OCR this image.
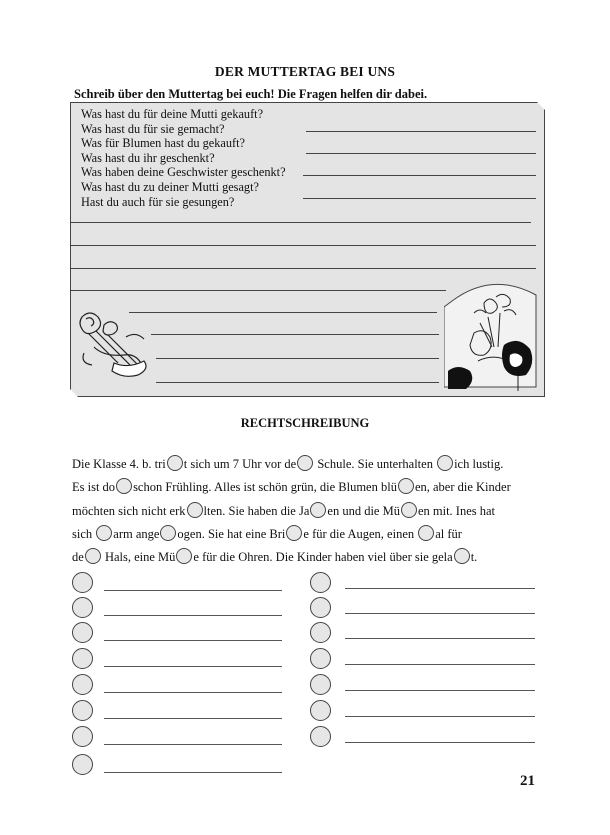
DER MUTTERTAG BEI UNS
Schreib über den Muttertag bei euch! Die Fragen helfen dir dabei.
Was hast du für deine Mutti gekauft?
Was hast du für sie gemacht?
Was für Blumen hast du gekauft?
Was hast du ihr geschenkt?
Was haben deine Geschwister geschenkt?
Was hast du zu deiner Mutti gesagt?
Hast du auch für sie gesungen?
RECHTSCHREIBUNG
Die Klasse 4. b. tri t sich um 7 Uhr vor de Schule. Sie unterhalten ich lustig.
Es ist do schon Frühling. Alles ist schön grün, die Blumen blü en, aber die Kinder
möchten sich nicht erk lten. Sie haben die Ja en und die Mü en mit. Ines hat
sich arm ange ogen. Sie hat eine Bri e für die Augen, einen al für
de Hals, eine Mü e für die Ohren. Die Kinder haben viel über sie gela t.
21
